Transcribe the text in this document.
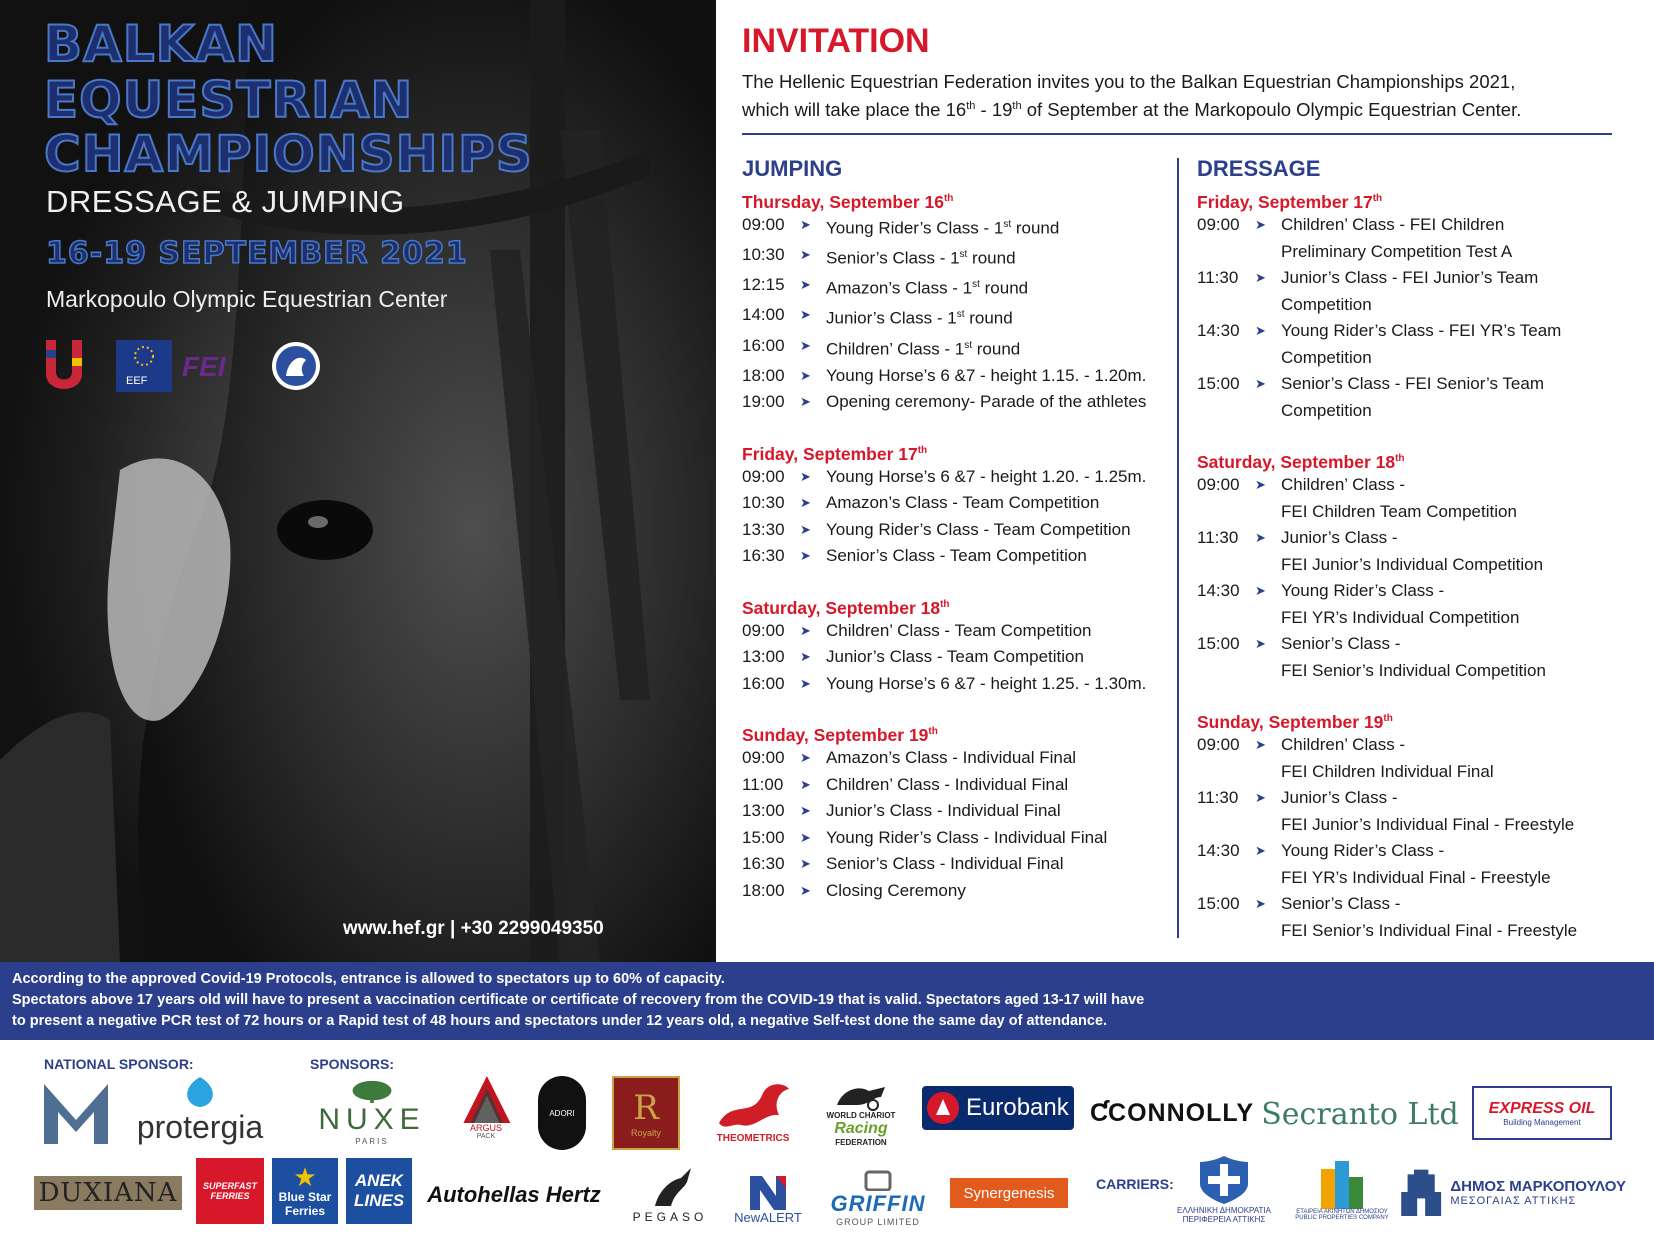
BALKAN
EQUESTRIAN
CHAMPIONSHIPS
DRESSAGE & JUMPING
16-19 SEPTEMBER 2021
Markopoulo Olympic Equestrian Center
EEF FEI
www.hef.gr | +30 2299049350
INVITATION
The Hellenic Equestrian Federation invites you to the Balkan Equestrian Championships 2021,
which will take place the 16th - 19th of September at the Markopoulo Olympic Equestrian Center.
JUMPING	DRESSAGE
Thursday, September 16th
09:00	➤ Young Rider’s Class - 1st round
10:30	➤ Senior’s Class - 1st round
12:15	➤ Amazon’s Class - 1st round
14:00	➤ Junior’s Class - 1st round
16:00	➤ Children’ Class - 1st round
18:00	➤ Young Horse’s 6 &7 - height 1.15. - 1.20m.
19:00	➤ Opening ceremony- Parade of the athletes
Friday, September 17th
09:00	➤ Young Horse’s 6 &7 - height 1.20. - 1.25m.
10:30	➤ Amazon’s Class - Team Competition
13:30	➤ Young Rider’s Class - Team Competition
16:30	➤ Senior’s Class - Team Competition
Saturday, September 18th
09:00	➤ Children’ Class - Team Competition
13:00	➤ Junior’s Class - Team Competition
16:00	➤ Young Horse’s 6 &7 - height 1.25. - 1.30m.
Sunday, September 19th
09:00	➤ Amazon’s Class - Individual Final
11:00	➤ Children’ Class - Individual Final
13:00	➤ Junior’s Class - Individual Final
15:00	➤ Young Rider’s Class - Individual Final
16:30	➤ Senior’s Class - Individual Final
18:00	➤ Closing Ceremony
Friday, September 17th
09:00	➤ Children’ Class - FEI Children
Preliminary Competition Test A
11:30	➤ Junior’s Class - FEI Junior’s Team
Competition
14:30	➤ Young Rider’s Class - FEI YR’s Team
Competition
15:00	➤ Senior’s Class - FEI Senior’s Team
Competition
Saturday, September 18th
09:00	➤ Children’ Class -
FEI Children Team Competition
11:30	➤ Junior’s Class -
FEI Junior’s Individual Competition
14:30	➤ Young Rider’s Class -
FEI YR’s Individual Competition
15:00	➤ Senior’s Class -
FEI Senior’s Individual Competition
Sunday, September 19th
09:00	➤ Children’ Class -
FEI Children Individual Final
11:30	➤ Junior’s Class -
FEI Junior’s Individual Final - Freestyle
14:30	➤ Young Rider’s Class -
FEI YR’s Individual Final - Freestyle
15:00	➤ Senior’s Class -
FEI Senior’s Individual Final - Freestyle
According to the approved Covid-19 Protocols, entrance is allowed to spectators up to 60% of capacity.
Spectators above 17 years old will have to present a vaccination certificate or certificate of recovery from the COVID-19 that is valid. Spectators aged 13-17 will have
to present a negative PCR test of 72 hours or a Rapid test of 48 hours and spectators under 12 years old, a negative Self-test done the same day of attendance.
NATIONAL SPONSOR:	SPONSORS:
CARRIERS:
protergia NUXE
PARIS
ARGUS
PACK
ADORI R
Royalty	THEOMETRICS
WORLD CHARIOT
Racing
FEDERATION
Eurobank Ƈ CONNOLLY Secranto Ltd EXPRESS OIL
Building Management
DUXIANA	SUPERFAST
FERRIES
★
Blue Star
Ferries
ANEK
LINES Autohellas Hertz
PEGASO NewALERT
GRIFFIN
GROUP LIMITED
Synergenesis
ΕΛΛΗΝΙΚΗ ΔΗΜΟΚΡΑΤΙΑ
ΠΕΡΙΦΕΡΕΙΑ ΑΤΤΙΚΗΣ
ΕΤΑΙΡΕΙΑ ΑΚΙΝΗΤΩΝ ΔΗΜΟΣΙΟΥ
PUBLIC PROPERTIES COMPANY
ΔΗΜΟΣ ΜΑΡΚΟΠΟΥΛΟΥ
ΜΕΣΟΓΑΙΑΣ ΑΤΤΙΚΗΣ
